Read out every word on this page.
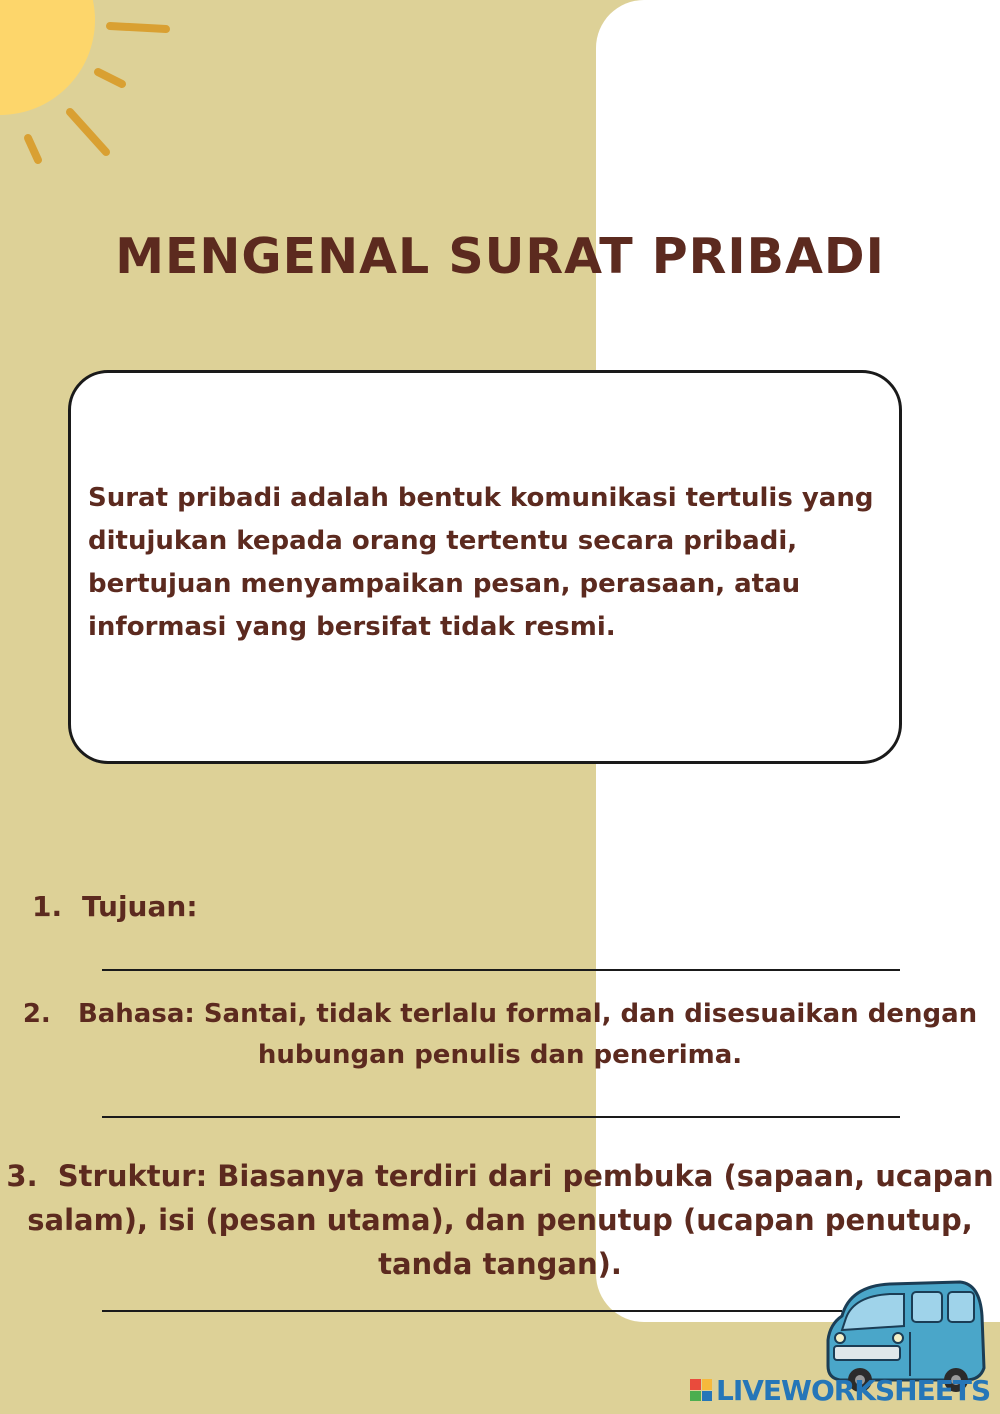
MENGENAL SURAT PRIBADI
Surat pribadi adalah bentuk komunikasi tertulis yang ditujukan kepada orang tertentu secara pribadi, bertujuan menyampaikan pesan, perasaan, atau informasi yang bersifat tidak resmi.
1. Tujuan:
2. Bahasa: Santai, tidak terlalu formal, dan disesuaikan dengan hubungan penulis dan penerima.
3. Struktur: Biasanya terdiri dari pembuka (sapaan, ucapan salam), isi (pesan utama), dan penutup (ucapan penutup, tanda tangan).
LIVEWORKSHEETS
